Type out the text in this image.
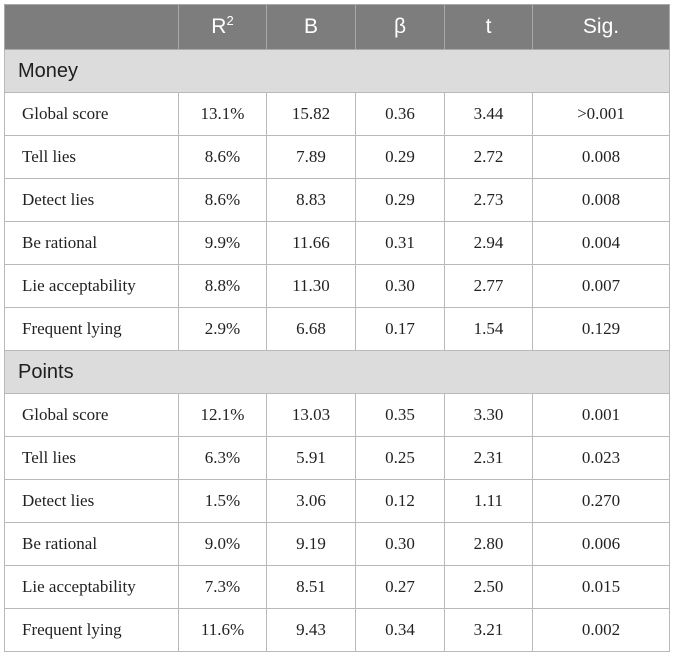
	$R^2$	B	β	t	Sig.
Money					
Global score	13.1%	15.82	0.36	3.44	>0.001
Tell lies	8.6%	7.89	0.29	2.72	0.008
Detect lies	8.6%	8.83	0.29	2.73	0.008
Be rational	9.9%	11.66	0.31	2.94	0.004
Lie acceptability	8.8%	11.30	0.30	2.77	0.007
Frequent lying	2.9%	6.68	0.17	1.54	0.129
Points					
Global score	12.1%	13.03	0.35	3.30	0.001
Tell lies	6.3%	5.91	0.25	2.31	0.023
Detect lies	1.5%	3.06	0.12	1.11	0.270
Be rational	9.0%	9.19	0.30	2.80	0.006
Lie acceptability	7.3%	8.51	0.27	2.50	0.015
Frequent lying	11.6%	9.43	0.34	3.21	0.002
